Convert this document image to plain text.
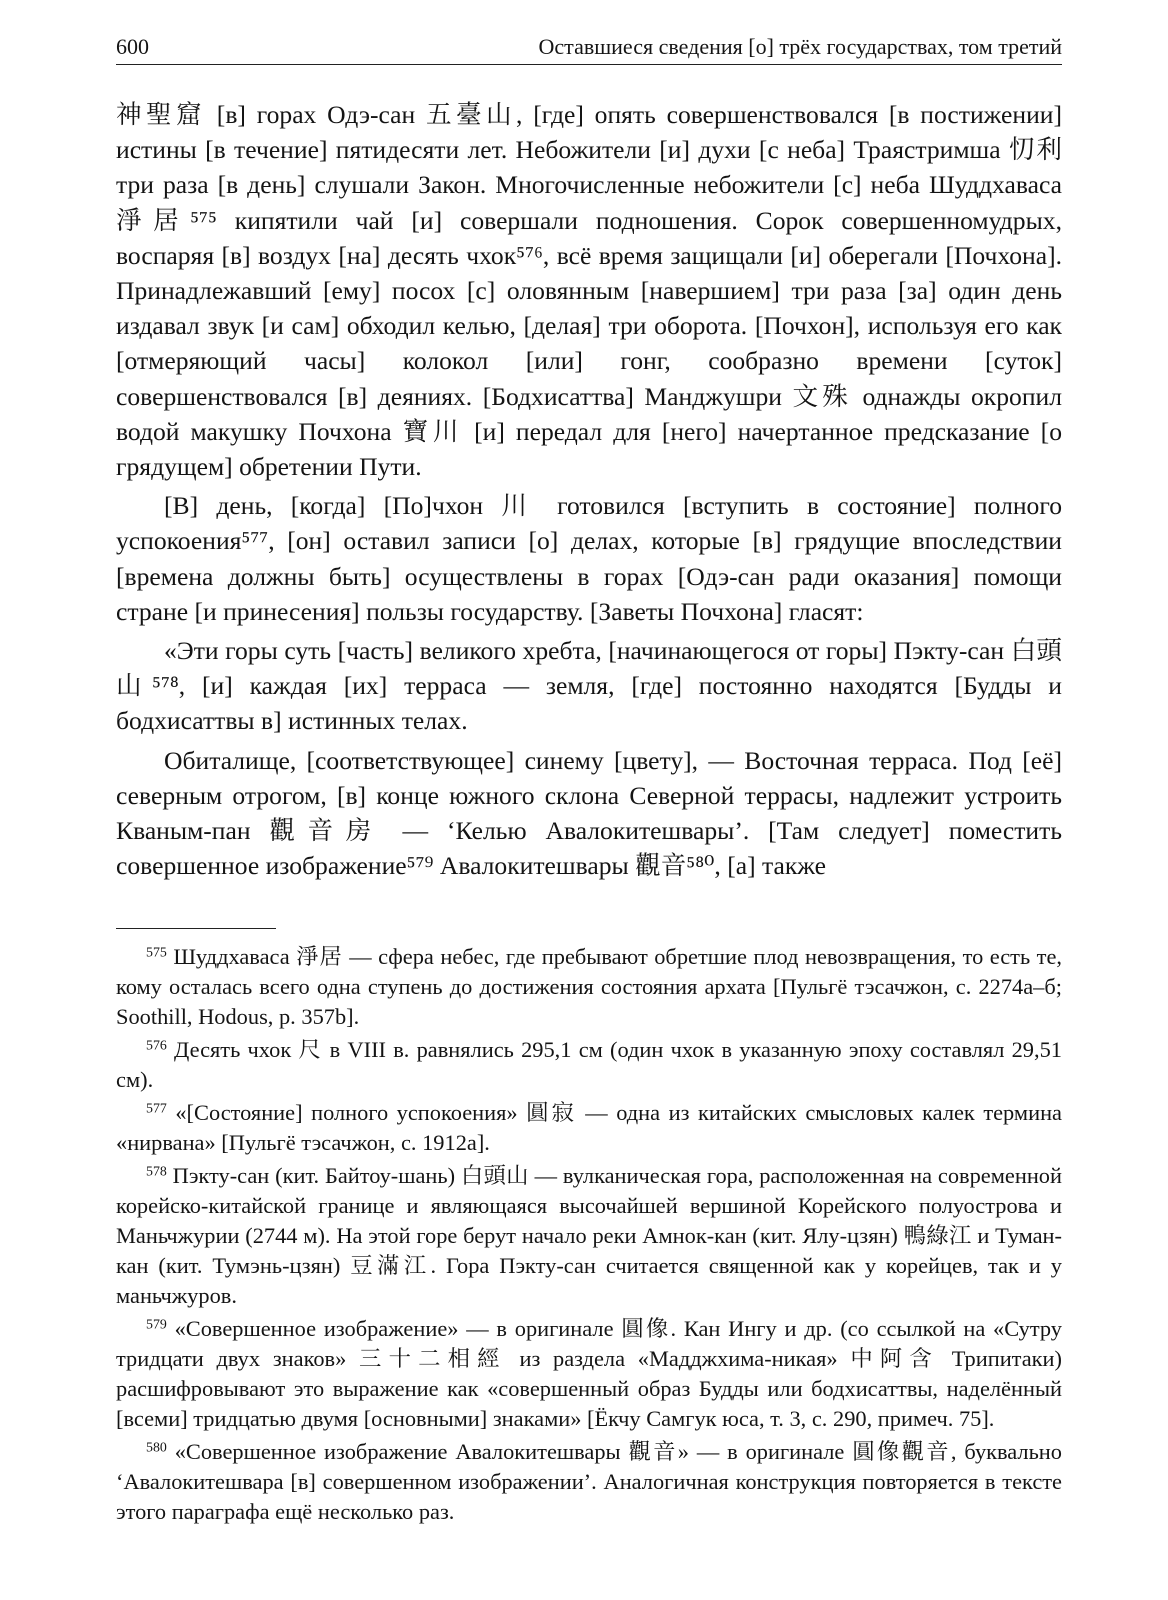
600	Оставшиеся сведения [о] трёх государствах, том третий

神聖窟 [в] горах Одэ-сан 五臺山, [где] опять совершенствовался [в постижении] истины [в течение] пятидесяти лет. Небожители [и] духи [с неба] Траястримша 忉利 три раза [в день] слушали Закон. Многочисленные небожители [с] неба Шуддхаваса 淨居⁵⁷⁵ кипятили чай [и] совершали подношения. Сорок совершенномудрых, воспаряя [в] воздух [на] десять чхок⁵⁷⁶, всё время защищали [и] оберегали [Почхона]. Принадлежавший [ему] посох [с] оловянным [навершием] три раза [за] один день издавал звук [и сам] обходил келью, [делая] три оборота. [Почхон], используя его как [отмеряющий часы] колокол [или] гонг, сообразно времени [суток] совершенствовался [в] деяниях. [Бодхисаттва] Манджушри 文殊 однажды окропил водой макушку Почхона 寶川 [и] передал для [него] начертанное предсказание [о грядущем] обретении Пути.

[В] день, [когда] [По]чхон 川 готовился [вступить в состояние] полного успокоения⁵⁷⁷, [он] оставил записи [о] делах, которые [в] грядущие впоследствии [времена должны быть] осуществлены в горах [Одэ-сан ради оказания] помощи стране [и принесения] пользы государству. [Заветы Почхона] гласят:

«Эти горы суть [часть] великого хребта, [начинающегося от горы] Пэкту-сан 白頭山⁵⁷⁸, [и] каждая [их] терраса — земля, [где] постоянно находятся [Будды и бодхисаттвы в] истинных телах.

Обиталище, [соответствующее] синему [цвету], — Восточная терраса. Под [её] северным отрогом, [в] конце южного склона Северной террасы, надлежит устроить Кваным-пан 觀音房 — ‘Келью Авалокитешвары’. [Там следует] поместить совершенное изображение⁵⁷⁹ Авалокитешвары 觀音⁵⁸⁰, [а] также

$^{575}$ Шуддхаваса 淨居 — сфера небес, где пребывают обретшие плод невозвращения, то есть те, кому осталась всего одна ступень до достижения состояния архата [Пульгё тэсачжон, с. 2274а–б; Soothill, Hodous, p. 357b].

$^{576}$ Десять чхок 尺 в VIII в. равнялись 295,1 см (один чхок в указанную эпоху составлял 29,51 см).

$^{577}$ «[Состояние] полного успокоения» 圓寂 — одна из китайских смысловых калек термина «нирвана» [Пульгё тэсачжон, с. 1912а].

$^{578}$ Пэкту-сан (кит. Байтоу-шань) 白頭山 — вулканическая гора, расположенная на современной корейско-китайской границе и являющаяся высочайшей вершиной Корейского полуострова и Маньчжурии (2744 м). На этой горе берут начало реки Амнок-кан (кит. Ялу-цзян) 鴨綠江 и Туман-кан (кит. Тумэнь-цзян) 豆滿江. Гора Пэкту-сан считается священной как у корейцев, так и у маньчжуров.

$^{579}$ «Совершенное изображение» — в оригинале 圓像. Кан Ингу и др. (со ссылкой на «Сутру тридцати двух знаков» 三十二相經 из раздела «Мадджхима-никая» 中阿含 Трипитаки) расшифровывают это выражение как «совершенный образ Будды или бодхисаттвы, наделённый [всеми] тридцатью двумя [основными] знаками» [Ёкчу Самгук юса, т. 3, с. 290, примеч. 75].

$^{580}$ «Совершенное изображение Авалокитешвары 觀音» — в оригинале 圓像觀音, буквально ‘Авалокитешвара [в] совершенном изображении’. Аналогичная конструкция повторяется в тексте этого параграфа ещё несколько раз.
